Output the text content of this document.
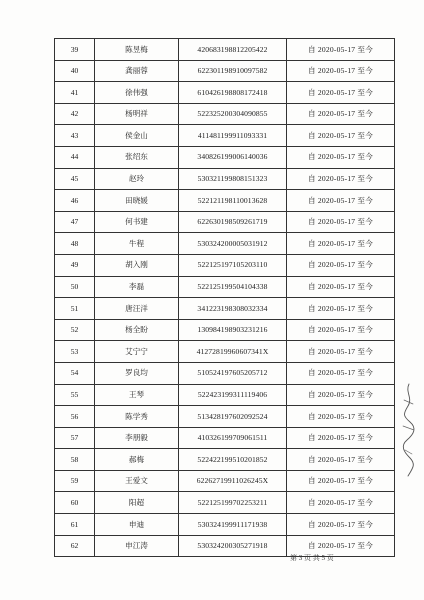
39	陈昱梅	420683198812205422	自 2020-05-17 至今
40	龚丽蓉	622301198910097582	自 2020-05-17 至今
41	徐伟强	610426198808172418	自 2020-05-17 至今
42	杨明祥	522325200304090855	自 2020-05-17 至今
43	侯金山	411481199911093331	自 2020-05-17 至今
44	张绍东	340826199006140036	自 2020-05-17 至今
45	赵玲	530321199808151323	自 2020-05-17 至今
46	田晓媛	522121198110013628	自 2020-05-17 至今
47	何书建	622630198509261719	自 2020-05-17 至今
48	牛程	530324200005031912	自 2020-05-17 至今
49	胡入刚	522125197105203110	自 2020-05-17 至今
50	李磊	522125199504104338	自 2020-05-17 至今
51	唐汪洋	341223198308032334	自 2020-05-17 至今
52	杨全盼	130984198903231216	自 2020-05-17 至今
53	艾宁宁	41272819960607341X	自 2020-05-17 至今
54	罗良均	510524197605205712	自 2020-05-17 至今
55	王琴	522423199311119406	自 2020-05-17 至今
56	陈学秀	513428197602092524	自 2020-05-17 至今
57	李朋毅	410326199709061511	自 2020-05-17 至今
58	郝梅	522422199510201852	自 2020-05-17 至今
59	王爱文	62262719911026245X	自 2020-05-17 至今
60	阳超	522125199702253211	自 2020-05-17 至今
61	申迪	530324199911171938	自 2020-05-17 至今
62	申江涛	530324200305271918	自 2020-05-17 至今
第 3 页 共 5 页
